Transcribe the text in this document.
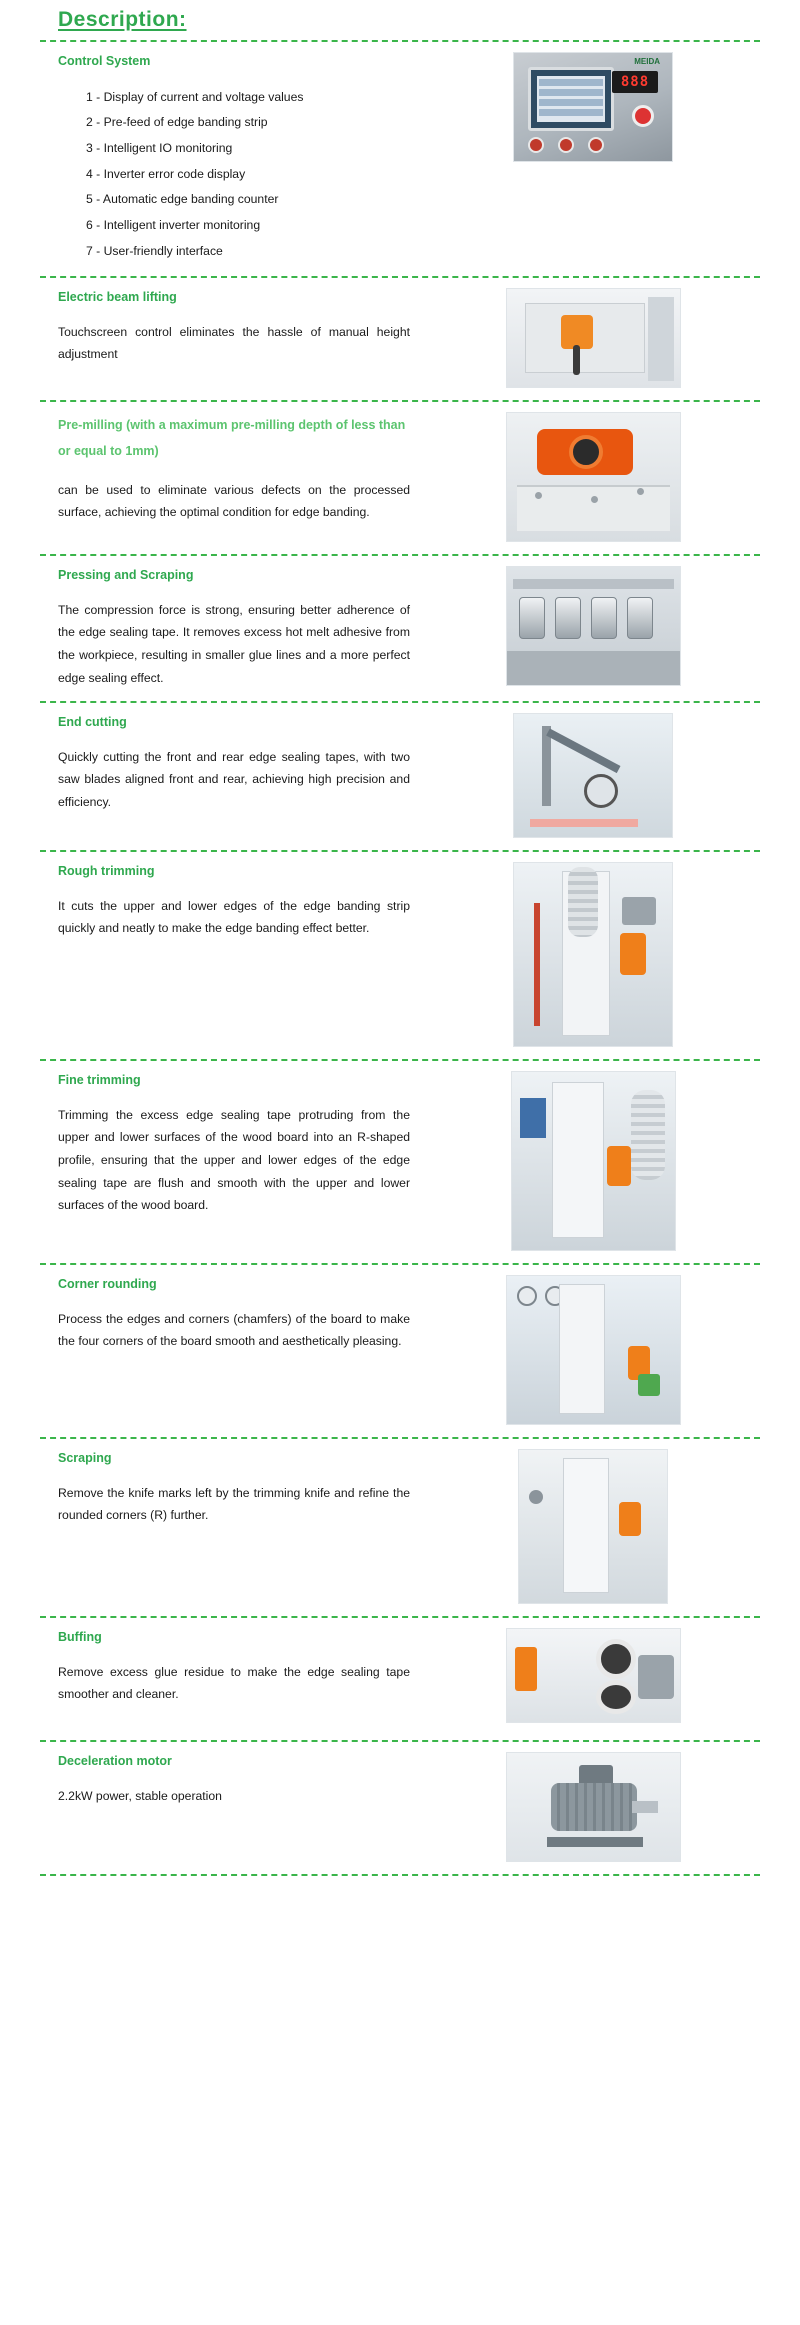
Description:
Control System
1 - Display of current and voltage values
2 - Pre-feed of edge banding strip
3 - Intelligent IO monitoring
4 - Inverter error code display
5 - Automatic edge banding counter
6 - Intelligent inverter monitoring
7 - User-friendly interface
MEIDA
888
Electric beam lifting

Touchscreen control eliminates the hassle of manual height adjustment

Pre-milling (with a maximum pre-milling depth of less than or equal to 1mm)

can be used to eliminate various defects on the processed surface, achieving the optimal condition for edge banding.

Pressing and Scraping

The compression force is strong, ensuring better adherence of the edge sealing tape. It removes excess hot melt adhesive from the workpiece, resulting in smaller glue lines and a more perfect edge sealing effect.

End cutting

Quickly cutting the front and rear edge sealing tapes, with two saw blades aligned front and rear, achieving high precision and efficiency.

Rough trimming

It cuts the upper and lower edges of the edge banding strip quickly and neatly to make the edge banding effect better.

Fine trimming

Trimming the excess edge sealing tape protruding from the upper and lower surfaces of the wood board into an R-shaped profile, ensuring that the upper and lower edges of the edge sealing tape are flush and smooth with the upper and lower surfaces of the wood board.

Corner rounding

Process the edges and corners (chamfers) of the board to make the four corners of the board smooth and aesthetically pleasing.

Scraping

Remove the knife marks left by the trimming knife and refine the rounded corners (R) further.

Buffing

Remove excess glue residue to make the edge sealing tape smoother and cleaner.

Deceleration motor

2.2kW power, stable operation
